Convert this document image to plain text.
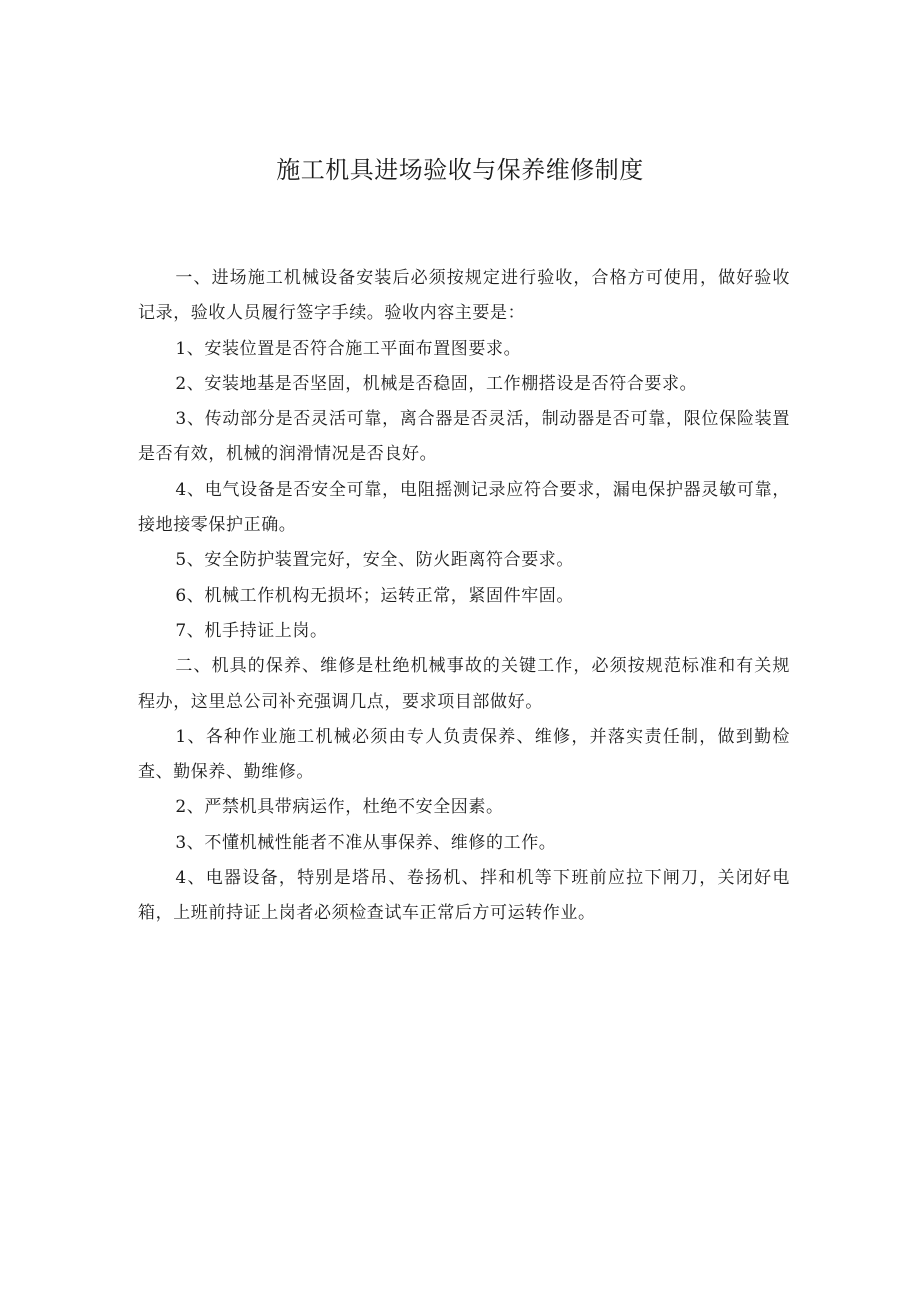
施工机具进场验收与保养维修制度

一、进场施工机械设备安装后必须按规定进行验收，合格方可使用，做好验收记录，验收人员履行签字手续。验收内容主要是：

1、安装位置是否符合施工平面布置图要求。

2、安装地基是否坚固，机械是否稳固，工作棚搭设是否符合要求。

3、传动部分是否灵活可靠，离合器是否灵活，制动器是否可靠，限位保险装置是否有效，机械的润滑情况是否良好。

4、电气设备是否安全可靠，电阻摇测记录应符合要求，漏电保护器灵敏可靠，接地接零保护正确。

5、安全防护装置完好，安全、防火距离符合要求。

6、机械工作机构无损坏；运转正常，紧固件牢固。

7、机手持证上岗。

二、机具的保养、维修是杜绝机械事故的关键工作，必须按规范标准和有关规程办，这里总公司补充强调几点，要求项目部做好。

1、各种作业施工机械必须由专人负责保养、维修，并落实责任制，做到勤检查、勤保养、勤维修。

2、严禁机具带病运作，杜绝不安全因素。

3、不懂机械性能者不准从事保养、维修的工作。

4、电器设备，特别是塔吊、卷扬机、拌和机等下班前应拉下闸刀，关闭好电箱，上班前持证上岗者必须检查试车正常后方可运转作业。
